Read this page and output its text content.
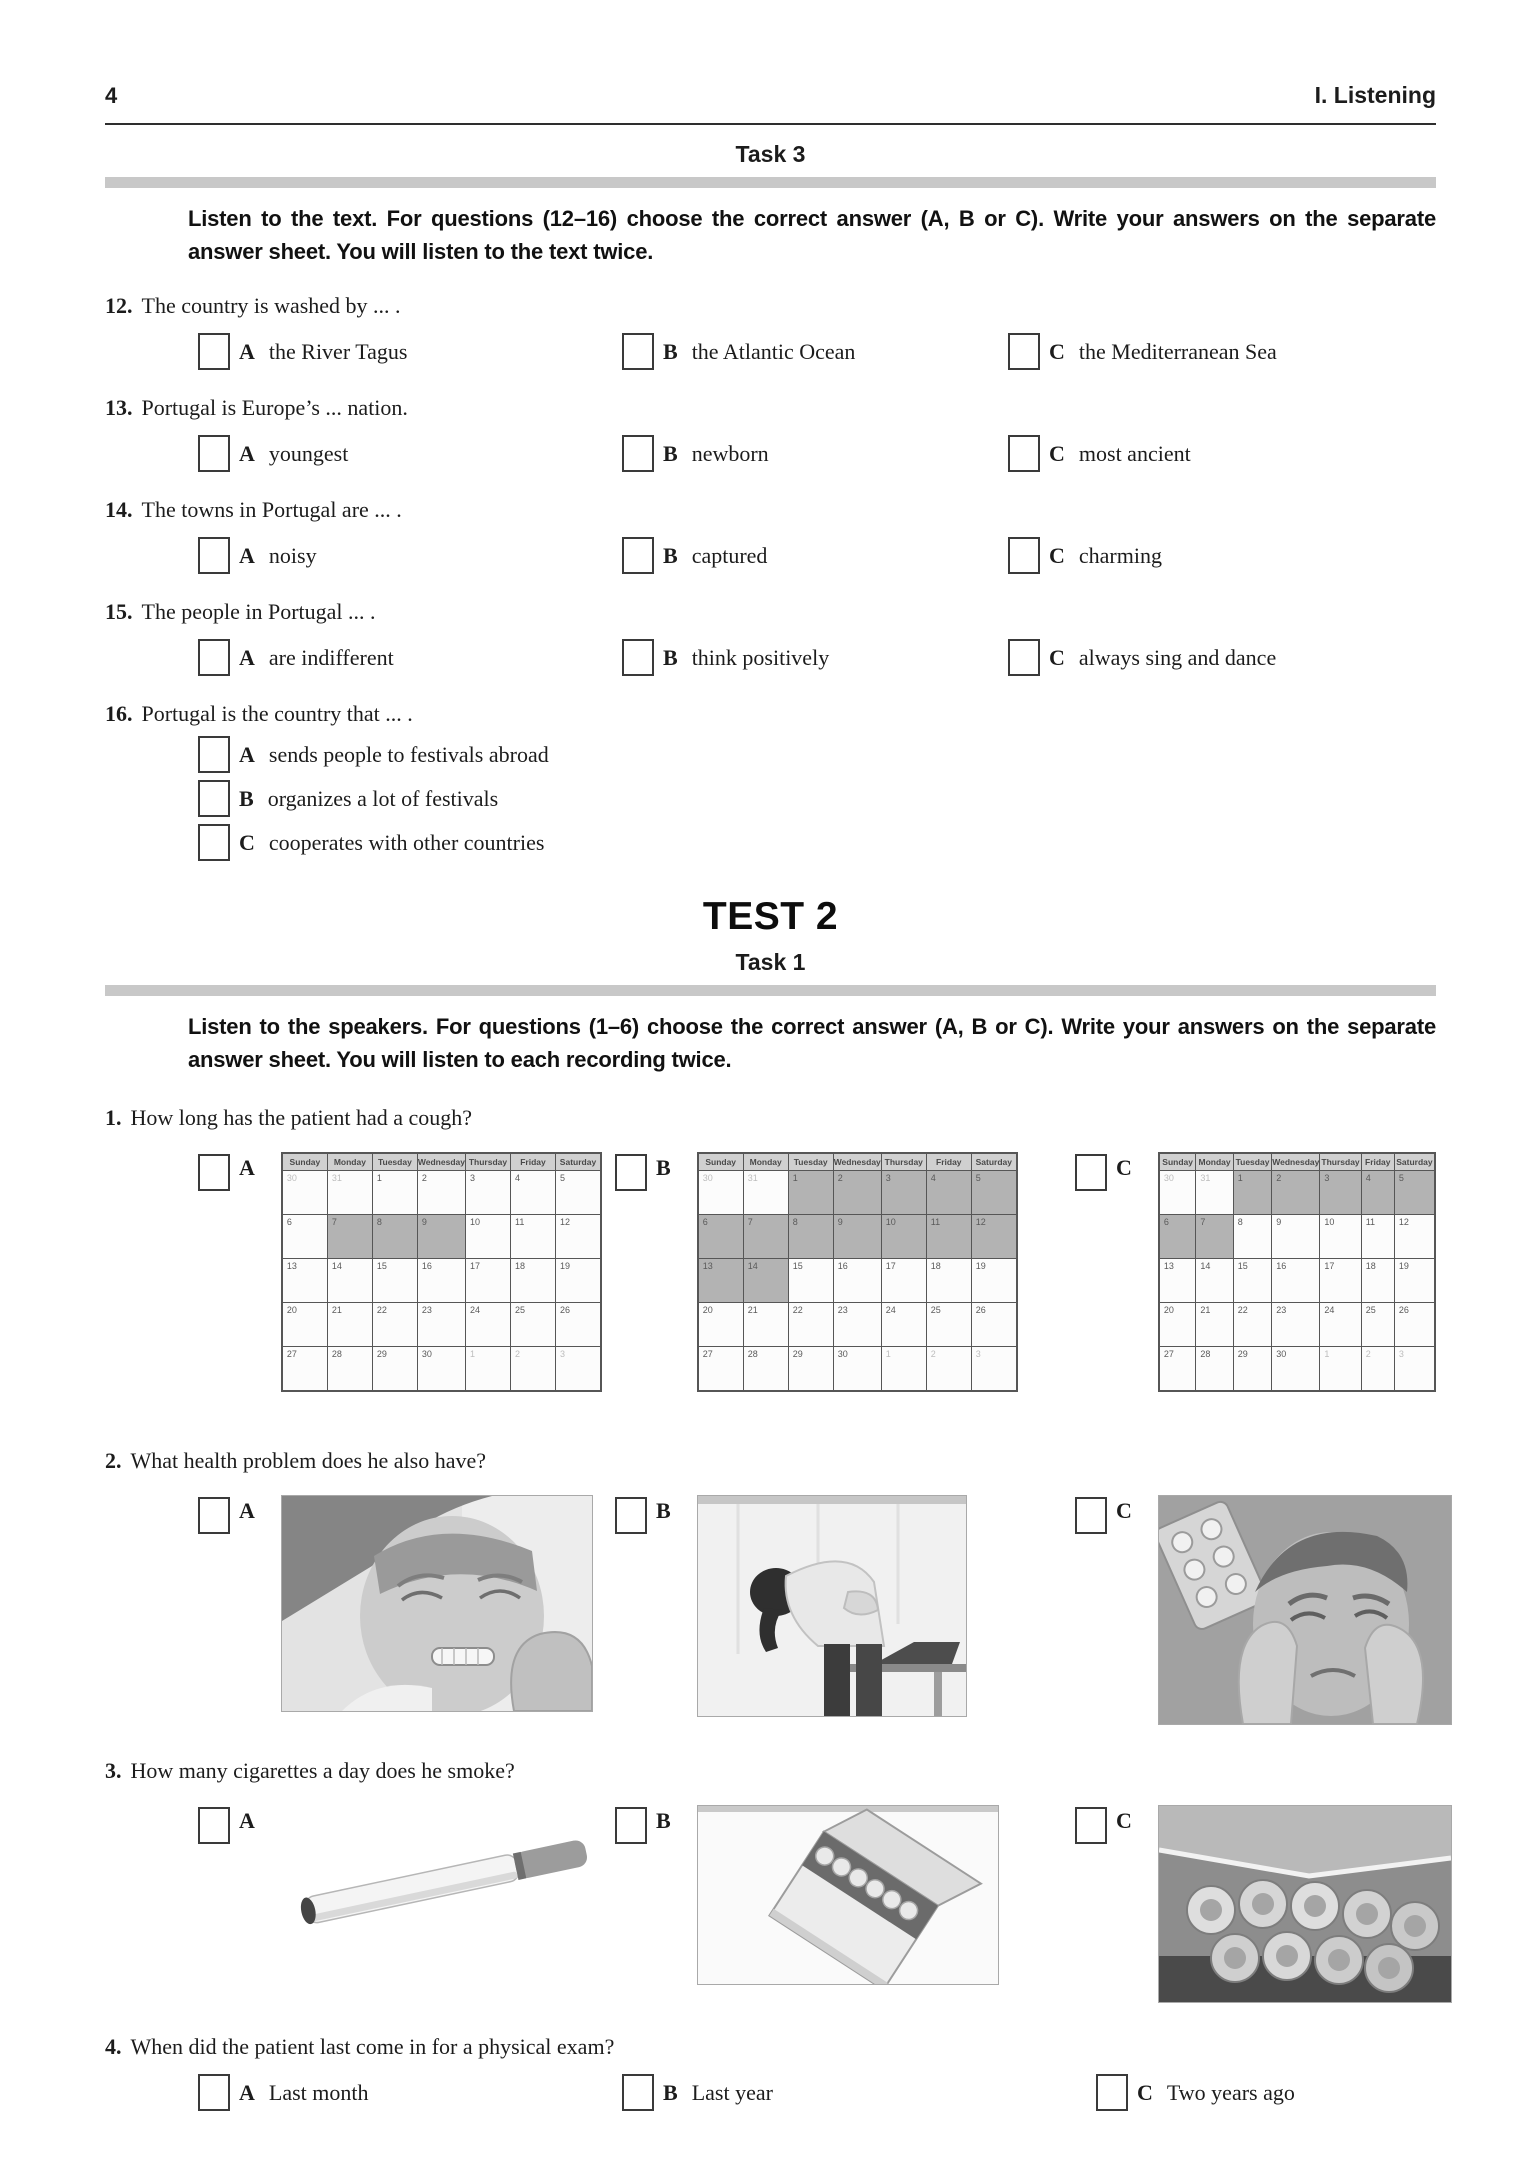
4	I. Listening
Task 3

Listen to the text. For questions (12–16) choose the correct answer (A, B or C). Write your answers on the separate answer sheet. You will listen to the text twice.

12. The country is washed by ... .

A the River Tagus	B the Atlantic Ocean	C the Mediterranean Sea

13. Portugal is Europe’s ... nation.

A youngest	B newborn	C most ancient

14. The towns in Portugal are ... .

A noisy	B captured	C charming

15. The people in Portugal ... .

A are indifferent	B think positively	C always sing and dance

16. Portugal is the country that ... .

A sends people to festivals abroad
B organizes a lot of festivals
C cooperates with other countries
TEST 2
Task 1

Listen to the speakers. For questions (1–6) choose the correct answer (A, B or C). Write your answers on the separate answer sheet. You will listen to each recording twice.

1. How long has the patient had a cough?

A	Sunday	Monday	Tuesday	Wednesday	Thursday	Friday	Saturday
30	31	1	2	3	4	5
6	7	8	9	10	11	12
13	14	15	16	17	18	19
20	21	22	23	24	25	26
27	28	29	30	1	2	3
B	Sunday	Monday	Tuesday	Wednesday	Thursday	Friday	Saturday
30	31	1	2	3	4	5
6	7	8	9	10	11	12
13	14	15	16	17	18	19
20	21	22	23	24	25	26
27	28	29	30	1	2	3
C	Sunday	Monday	Tuesday	Wednesday	Thursday	Friday	Saturday
30	31	1	2	3	4	5
6	7	8	9	10	11	12
13	14	15	16	17	18	19
20	21	22	23	24	25	26
27	28	29	30	1	2	3

2. What health problem does he also have?

A	B	C

3. How many cigarettes a day does he smoke?

A	B	C

4. When did the patient last come in for a physical exam?

A Last month	B Last year	C Two years ago
